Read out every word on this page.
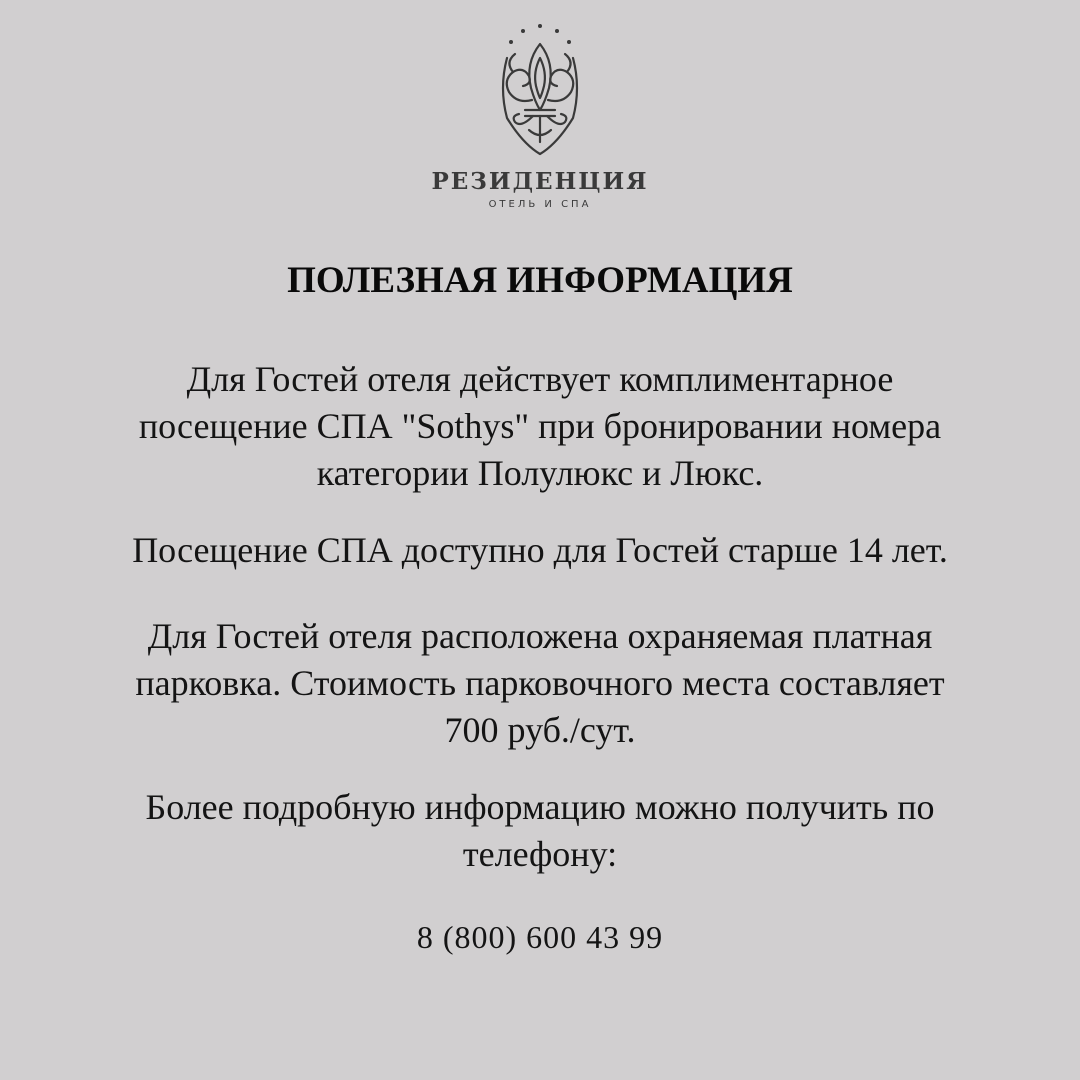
РЕЗИДЕНЦИЯ
ОТЕЛЬ И СПА
ПОЛЕЗНАЯ ИНФОРМАЦИЯ
Для Гостей отеля действует комплиментарное
посещение СПА "Sothys" при бронировании номера
категории Полулюкс и Люкс.
Посещение СПА доступно для Гостей старше 14 лет.
Для Гостей отеля расположена охраняемая платная
парковка. Стоимость парковочного места составляет
700 руб./сут.
Более подробную информацию можно получить по
телефону:
8 (800) 600 43 99
